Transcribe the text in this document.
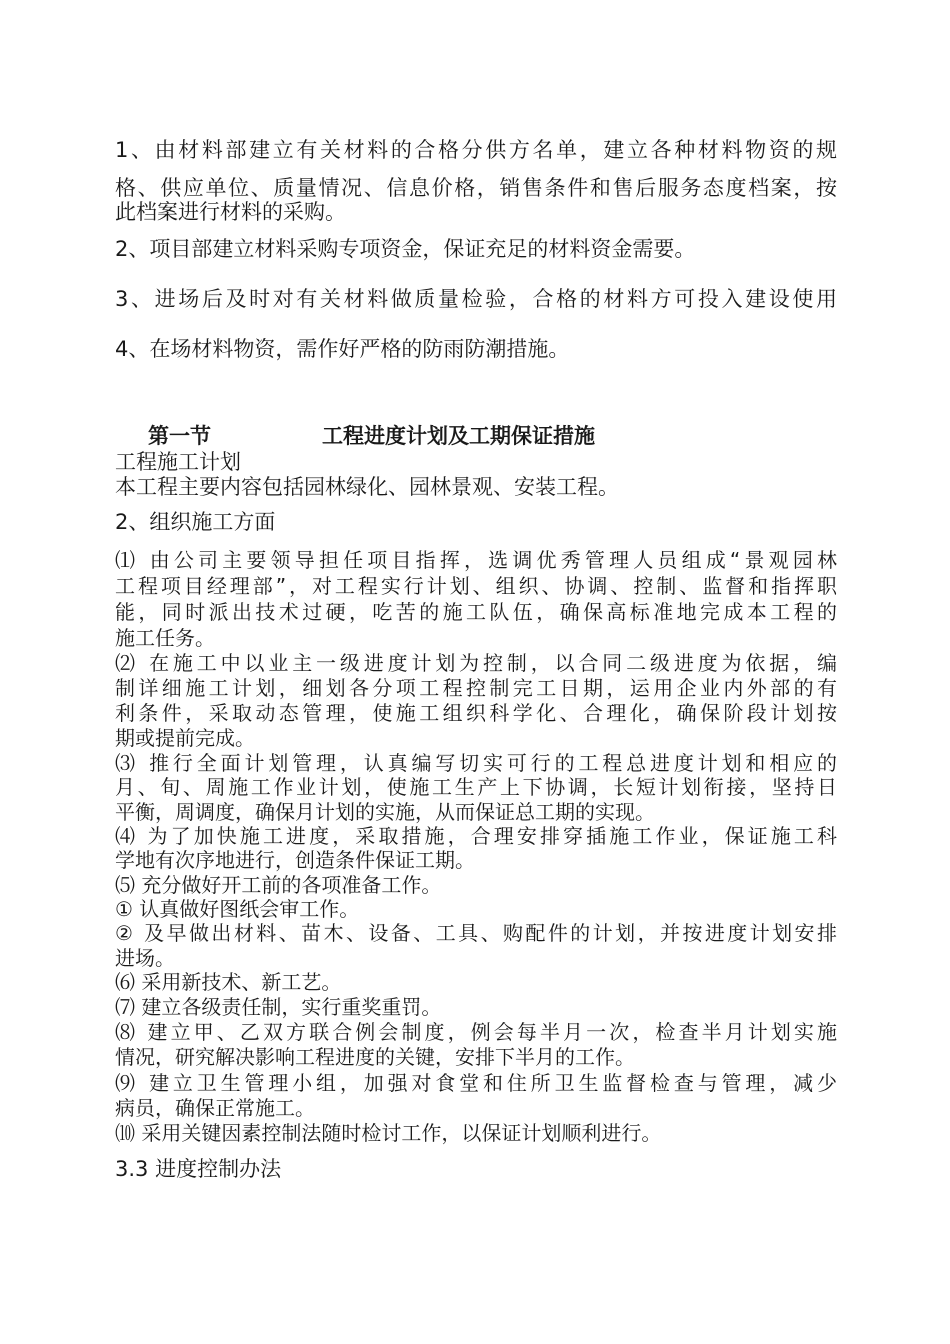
1、由材料部建立有关材料的合格分供方名单，建立各种材料物资的规
格、供应单位、质量情况、信息价格，销售条件和售后服务态度档案，按
此档案进行材料的采购。
2、项目部建立材料采购专项资金，保证充足的材料资金需要。
3、进场后及时对有关材料做质量检验，合格的材料方可投入建设使用
4、在场材料物资，需作好严格的防雨防潮措施。
第一节	工程进度计划及工期保证措施
工程施工计划
本工程主要内容包括园林绿化、园林景观、安装工程。
2、组织施工方面
⑴ 由公司主要领导担任项目指挥，选调优秀管理人员组成“景观园林
工程项目经理部”，对工程实行计划、组织、协调、控制、监督和指挥职
能，同时派出技术过硬，吃苦的施工队伍，确保高标准地完成本工程的
施工任务。
⑵ 在施工中以业主一级进度计划为控制，以合同二级进度为依据，编
制详细施工计划，细划各分项工程控制完工日期，运用企业内外部的有
利条件，采取动态管理，使施工组织科学化、合理化，确保阶段计划按
期或提前完成。
⑶ 推行全面计划管理，认真编写切实可行的工程总进度计划和相应的
月、旬、周施工作业计划，使施工生产上下协调，长短计划衔接，坚持日
平衡，周调度，确保月计划的实施，从而保证总工期的实现。
⑷ 为了加快施工进度，采取措施，合理安排穿插施工作业，保证施工科
学地有次序地进行，创造条件保证工期。
⑸ 充分做好开工前的各项准备工作。
① 认真做好图纸会审工作。
② 及早做出材料、苗木、设备、工具、购配件的计划，并按进度计划安排
进场。
⑹ 采用新技术、新工艺。
⑺ 建立各级责任制，实行重奖重罚。
⑻ 建立甲、乙双方联合例会制度，例会每半月一次，检查半月计划实施
情况，研究解决影响工程进度的关键，安排下半月的工作。
⑼ 建立卫生管理小组，加强对食堂和住所卫生监督检查与管理，减少
病员，确保正常施工。
⑽ 采用关键因素控制法随时检讨工作，以保证计划顺利进行。
3.3 进度控制办法
